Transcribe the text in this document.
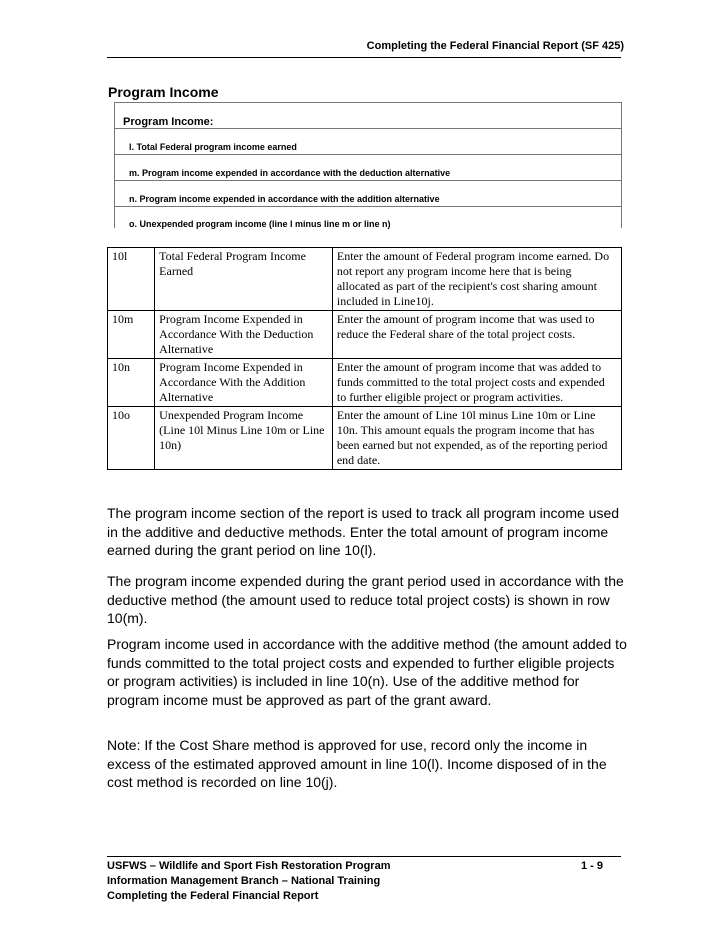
Completing the Federal Financial Report (SF 425)
Program Income
Program Income:
l. Total Federal program income earned
m. Program income expended in accordance with the deduction alternative
n. Program income expended in accordance with the addition alternative
o. Unexpended program income (line l minus line m or line n)
10l	Total Federal Program Income Earned	Enter the amount of Federal program income earned. Do not report any program income here that is being allocated as part of the recipient's cost sharing amount included in Line10j.
10m	Program Income Expended in Accordance With the Deduction Alternative	Enter the amount of program income that was used to reduce the Federal share of the total project costs.
10n	Program Income Expended in Accordance With the Addition Alternative	Enter the amount of program income that was added to funds committed to the total project costs and expended to further eligible project or program activities.
10o	Unexpended Program Income (Line 10l Minus Line 10m or Line 10n)	Enter the amount of Line 10l minus Line 10m or Line 10n. This amount equals the program income that has been earned but not expended, as of the reporting period end date.
The program income section of the report is used to track all program income used in the additive and deductive methods. Enter the total amount of program income earned during the grant period on line 10(l).
The program income expended during the grant period used in accordance with the deductive method (the amount used to reduce total project costs) is shown in row 10(m).
Program income used in accordance with the additive method (the amount added to funds committed to the total project costs and expended to further eligible projects or program activities) is included in line 10(n). Use of the additive method for program income must be approved as part of the grant award.
Note: If the Cost Share method is approved for use, record only the income in excess of the estimated approved amount in line 10(l). Income disposed of in the cost method is recorded on line 10(j).
USFWS – Wildlife and Sport Fish Restoration Program
Information Management Branch – National Training
Completing the Federal Financial Report
1 - 9
